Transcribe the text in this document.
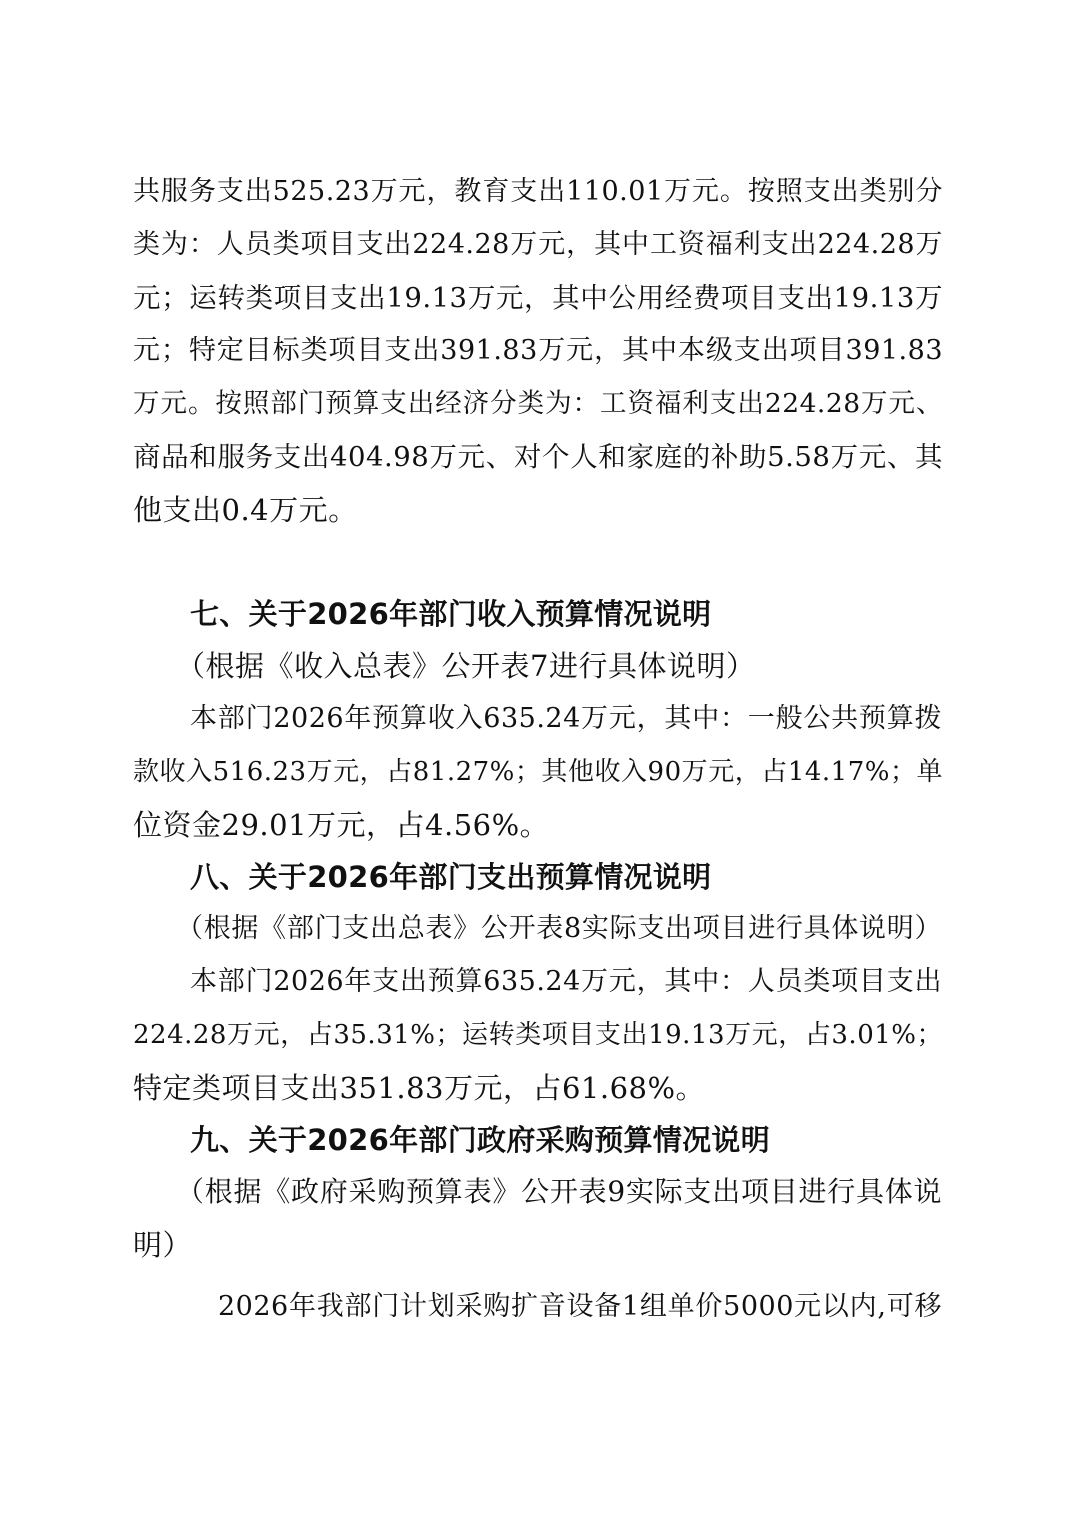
共服务支出525.23万元，教育支出110.01万元。按照支出类别分
类为：人员类项目支出224.28万元，其中工资福利支出224.28万
元；运转类项目支出19.13万元，其中公用经费项目支出19.13万
元；特定目标类项目支出391.83万元，其中本级支出项目391.83
万元。按照部门预算支出经济分类为：工资福利支出224.28万元、
商品和服务支出404.98万元、对个人和家庭的补助5.58万元、其
他支出0.4万元。
七、关于2026年部门收入预算情况说明
（根据《收入总表》公开表7进行具体说明）
本部门2026年预算收入635.24万元，其中：一般公共预算拨
款收入516.23万元，占81.27%；其他收入90万元，占14.17%；单
位资金29.01万元，占4.56%。
八、关于2026年部门支出预算情况说明
（根据《部门支出总表》公开表8实际支出项目进行具体说明）
本部门2026年支出预算635.24万元，其中：人员类项目支出
224.28万元，占35.31%；运转类项目支出19.13万元，占3.01%；
特定类项目支出351.83万元，占61.68%。
九、关于2026年部门政府采购预算情况说明
（根据《政府采购预算表》公开表9实际支出项目进行具体说
明）
2026年我部门计划采购扩音设备1组单价5000元以内,可移
